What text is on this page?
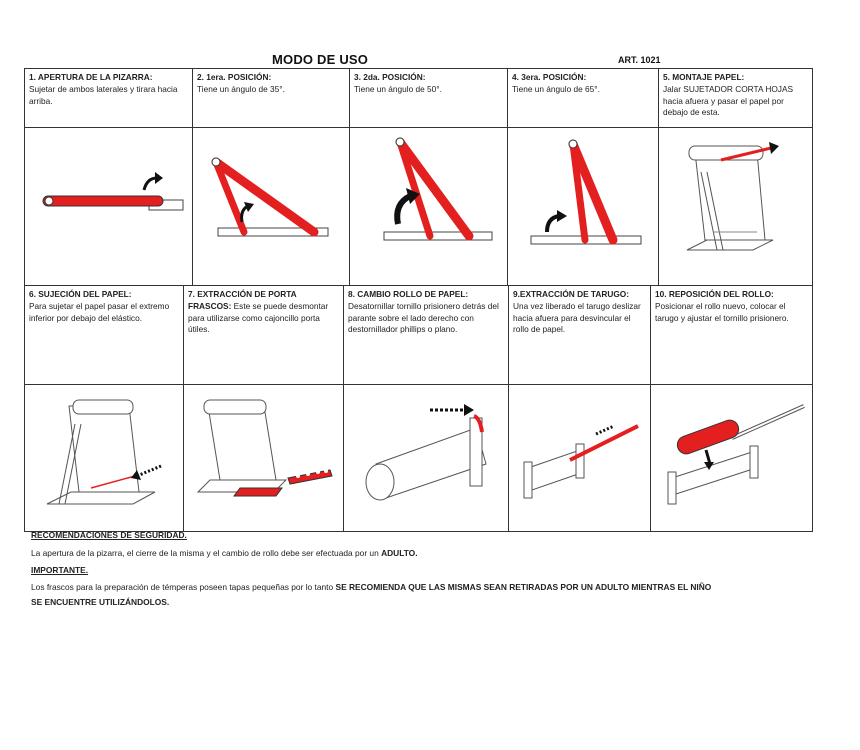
MODO DE USO	ART. 1021
1. APERTURA DE LA PIZARRA:
Sujetar de ambos laterales y tirara hacia arriba.
2. 1era. POSICIÓN:
Tiene un ángulo de 35°.
3. 2da. POSICIÓN:
Tiene un ángulo de 50°.
4. 3era. POSICIÓN:
Tiene un ángulo de 65°.
5. MONTAJE PAPEL:
Jalar SUJETADOR CORTA HOJAS hacia afuera y pasar el papel por debajo de esta.
6. SUJECIÓN DEL PAPEL:
Para sujetar el papel pasar el extremo inferior por debajo del elástico.
7. EXTRACCIÓN DE PORTA
FRASCOS: Este se puede desmontar para utilizarse como cajoncillo porta útiles.
8. CAMBIO ROLLO DE PAPEL:
Desatornillar tornillo prisionero detrás del parante sobre el lado derecho con destornillador phillips o plano.
9.EXTRACCIÓN DE TARUGO:
Una vez liberado el tarugo deslizar hacia afuera para desvincular el rollo de papel.
10. REPOSICIÓN DEL ROLLO:
Posicionar el rollo nuevo, colocar el tarugo y ajustar el tornillo prisionero.
RECOMENDACIONES DE SEGURIDAD.
La apertura de la pizarra, el cierre de la misma y el cambio de rollo debe ser efectuada por un ADULTO.
IMPORTANTE.
Los frascos para la preparación de témperas poseen tapas pequeñas por lo tanto SE RECOMIENDA QUE LAS MISMAS SEAN RETIRADAS POR UN ADULTO MIENTRAS EL NIÑO
SE ENCUENTRE UTILIZÁNDOLOS.
